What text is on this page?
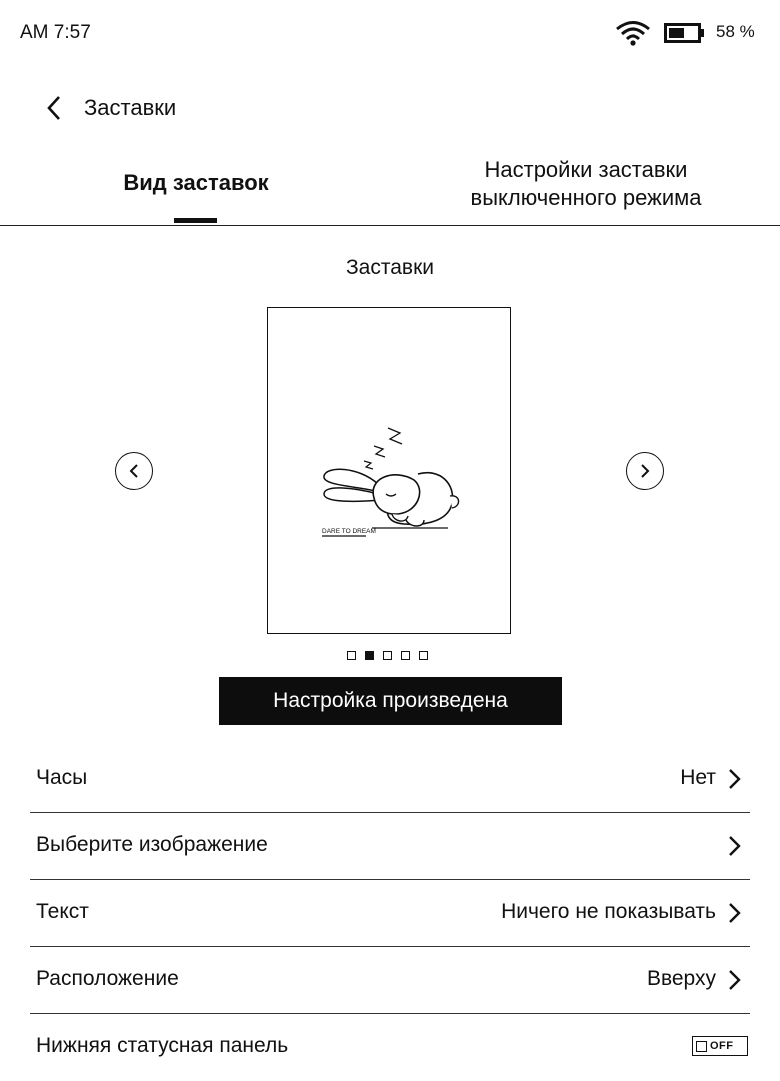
AM 7:57	58 %
Заставки
Вид заставок
Настройки заставки
выключенного режима
Заставки
DARE TO DREAM
Настройка произведена
Часы	Нет
Выберите изображение
Текст	Ничего не показывать
Расположение	Вверху
Нижняя статусная панель	OFF
